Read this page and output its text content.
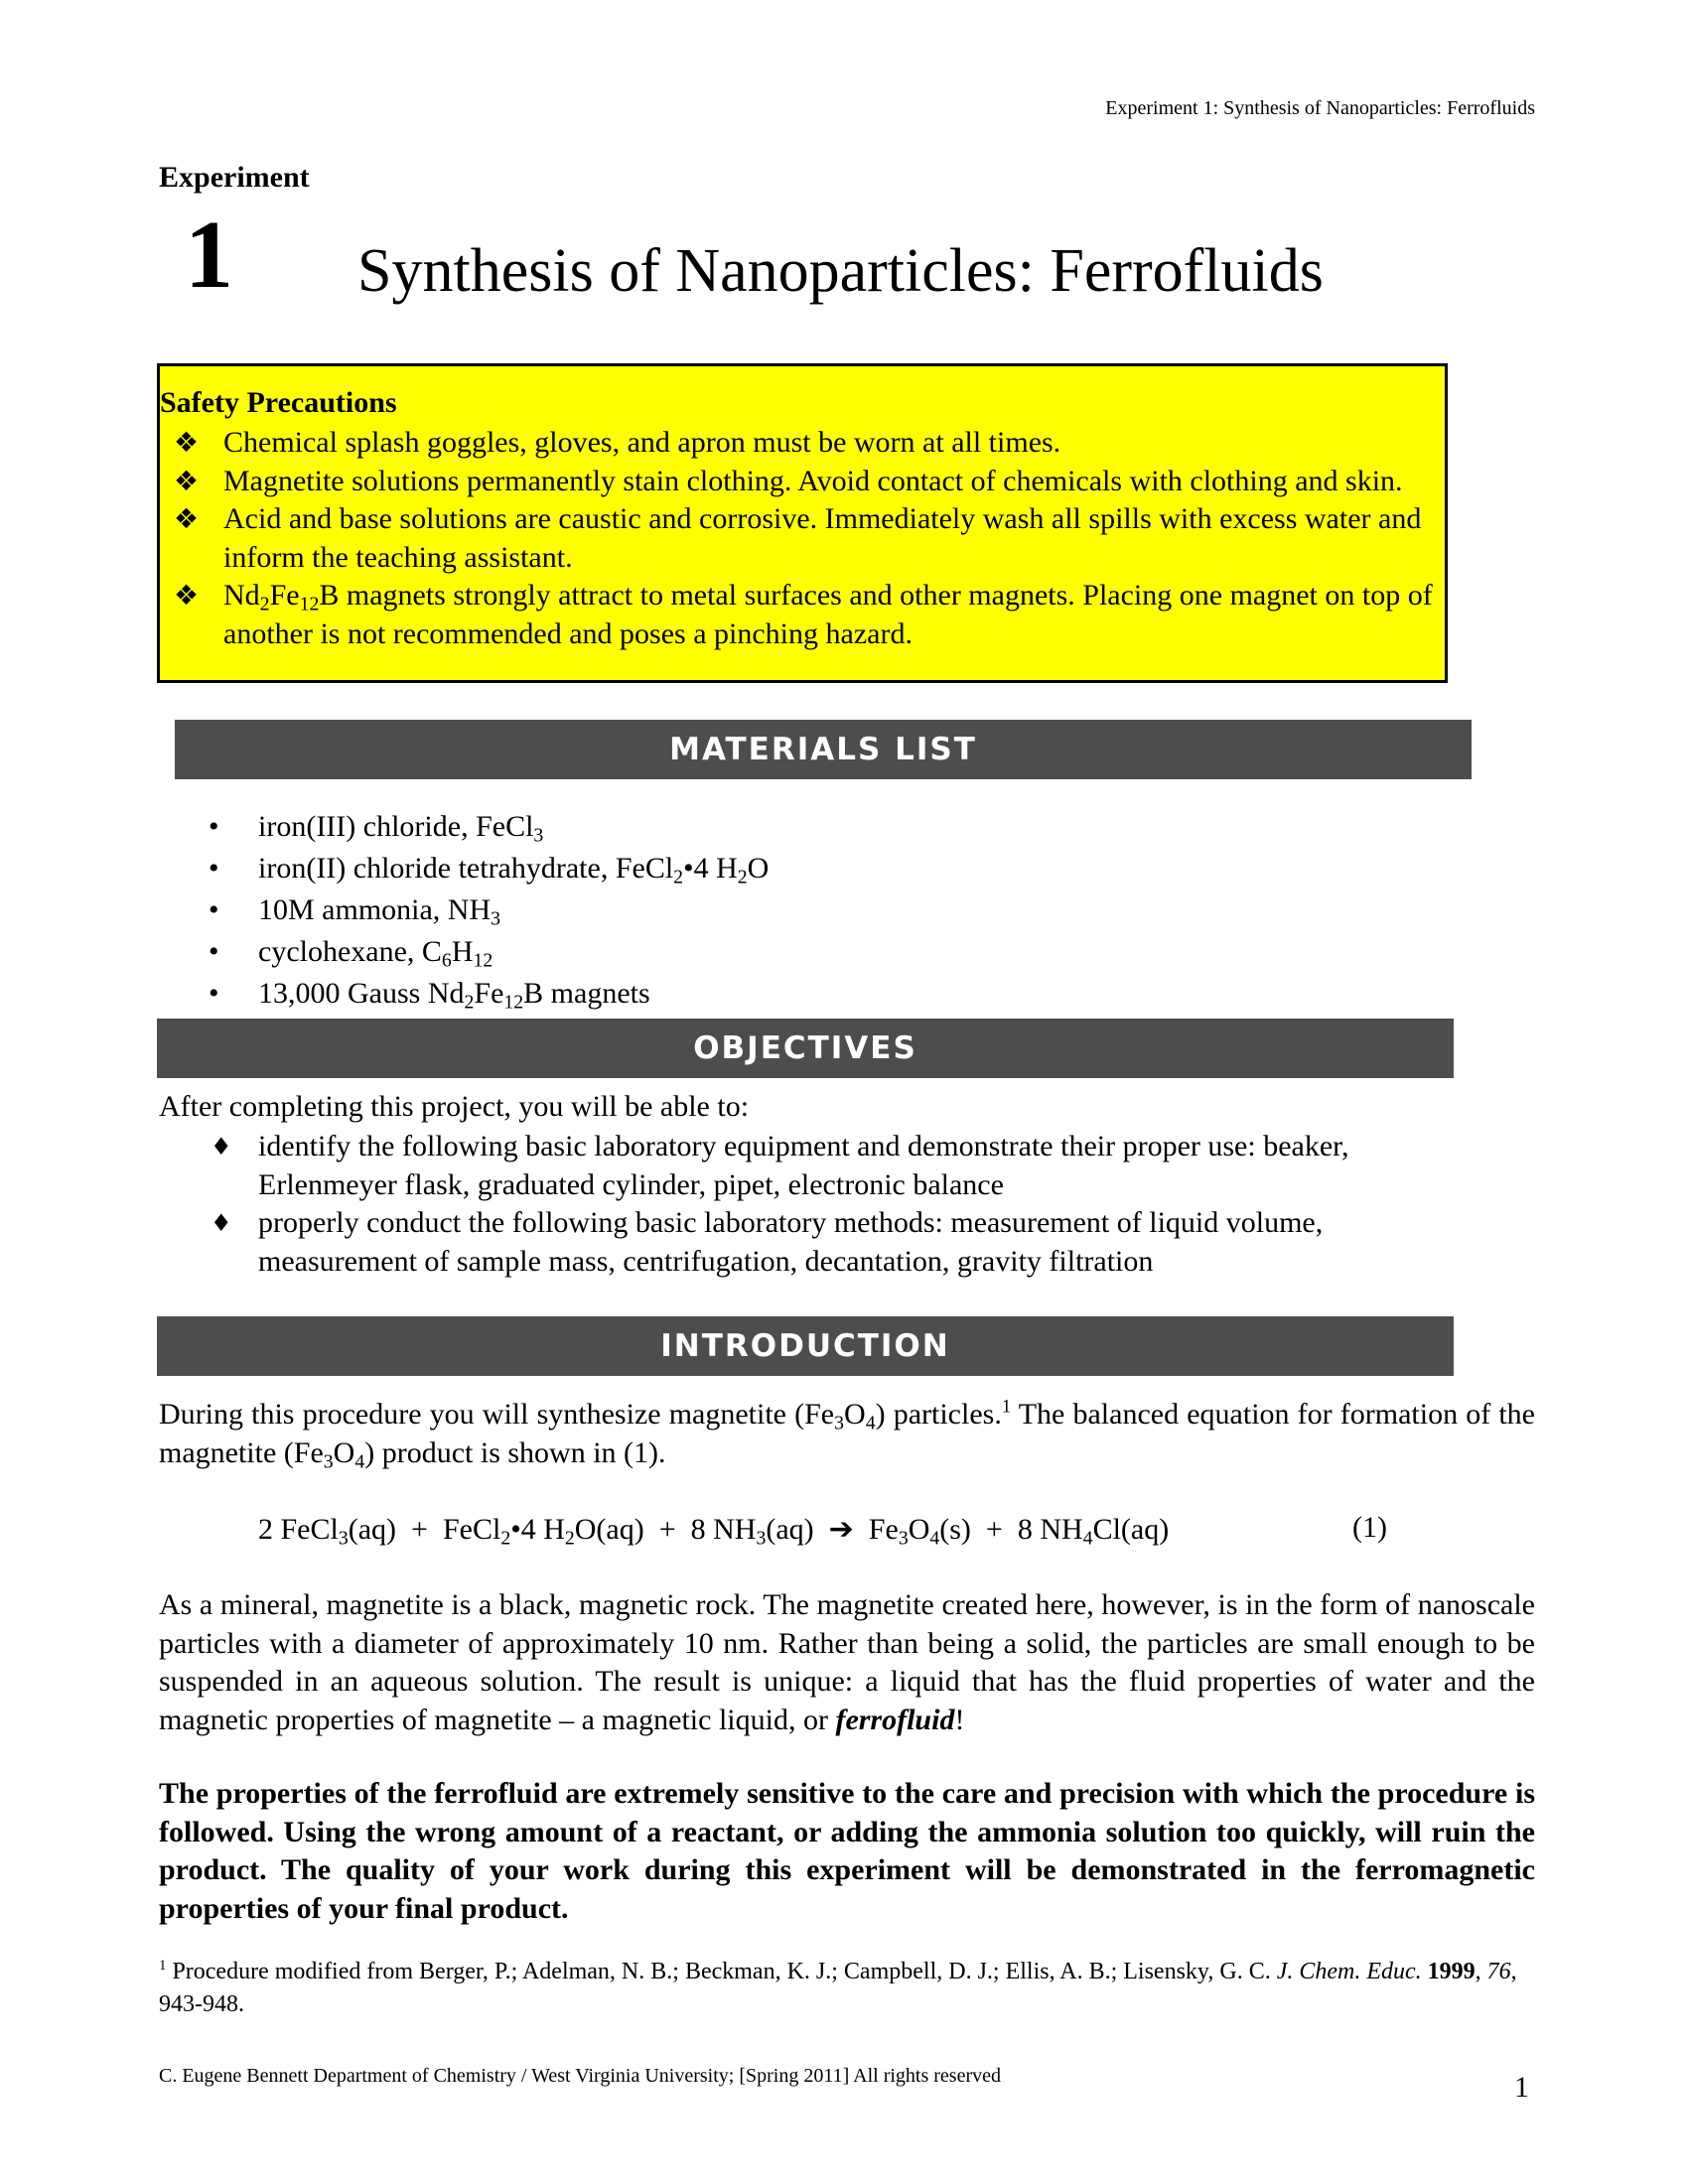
Experiment 1: Synthesis of Nanoparticles: Ferrofluids
Experiment
1 Synthesis of Nanoparticles: Ferrofluids
Safety Precautions
❖ Chemical splash goggles, gloves, and apron must be worn at all times.
❖ Magnetite solutions permanently stain clothing. Avoid contact of chemicals with clothing and skin.
❖ Acid and base solutions are caustic and corrosive. Immediately wash all spills with excess water and inform the teaching assistant.
❖ $Nd_2Fe_{12}B$ magnets strongly attract to metal surfaces and other magnets. Placing one magnet on top of another is not recommended and poses a pinching hazard.
MATERIALS LIST
• iron(III) chloride, FeCl$_3$
• iron(II) chloride tetrahydrate, FeCl$_2$•4 $H_2O$
• 10M ammonia, $NH_3$
• cyclohexane, $C_6H_{12}$
• 13,000 Gauss $Nd_2Fe_{12}B$ magnets
OBJECTIVES
After completing this project, you will be able to:
♦ identify the following basic laboratory equipment and demonstrate their proper use: beaker, Erlenmeyer flask, graduated cylinder, pipet, electronic balance
♦ properly conduct the following basic laboratory methods: measurement of liquid volume, measurement of sample mass, centrifugation, decantation, gravity filtration
INTRODUCTION
During this procedure you will synthesize magnetite $(Fe_3O_4)$ particles.$^1$ The balanced equation for formation of the magnetite $(Fe_3O_4)$ product is shown in (1).
2 FeCl$_3$(aq)  +  FeCl$_2$•4 $H_2O(aq) + 8$ $NH_3(aq)$  ➔  $Fe_3O_4(s) + 8$ $NH_4Cl(aq)$	(1)
As a mineral, magnetite is a black, magnetic rock. The magnetite created here, however, is in the form of nanoscale particles with a diameter of approximately 10 nm. Rather than being a solid, the particles are small enough to be suspended in an aqueous solution. The result is unique: a liquid that has the fluid properties of water and the magnetic properties of magnetite – a magnetic liquid, or ferrofluid!
The properties of the ferrofluid are extremely sensitive to the care and precision with which the procedure is followed. Using the wrong amount of a reactant, or adding the ammonia solution too quickly, will ruin the product. The quality of your work during this experiment will be demonstrated in the ferromagnetic properties of your final product.
$^1$ Procedure modified from Berger, P.; Adelman, N. B.; Beckman, K. J.; Campbell, D. J.; Ellis, A. B.; Lisensky, G. C. J. Chem. Educ. 1999, 76, 943-948.
C. Eugene Bennett Department of Chemistry / West Virginia University; [Spring 2011] All rights reserved	1
